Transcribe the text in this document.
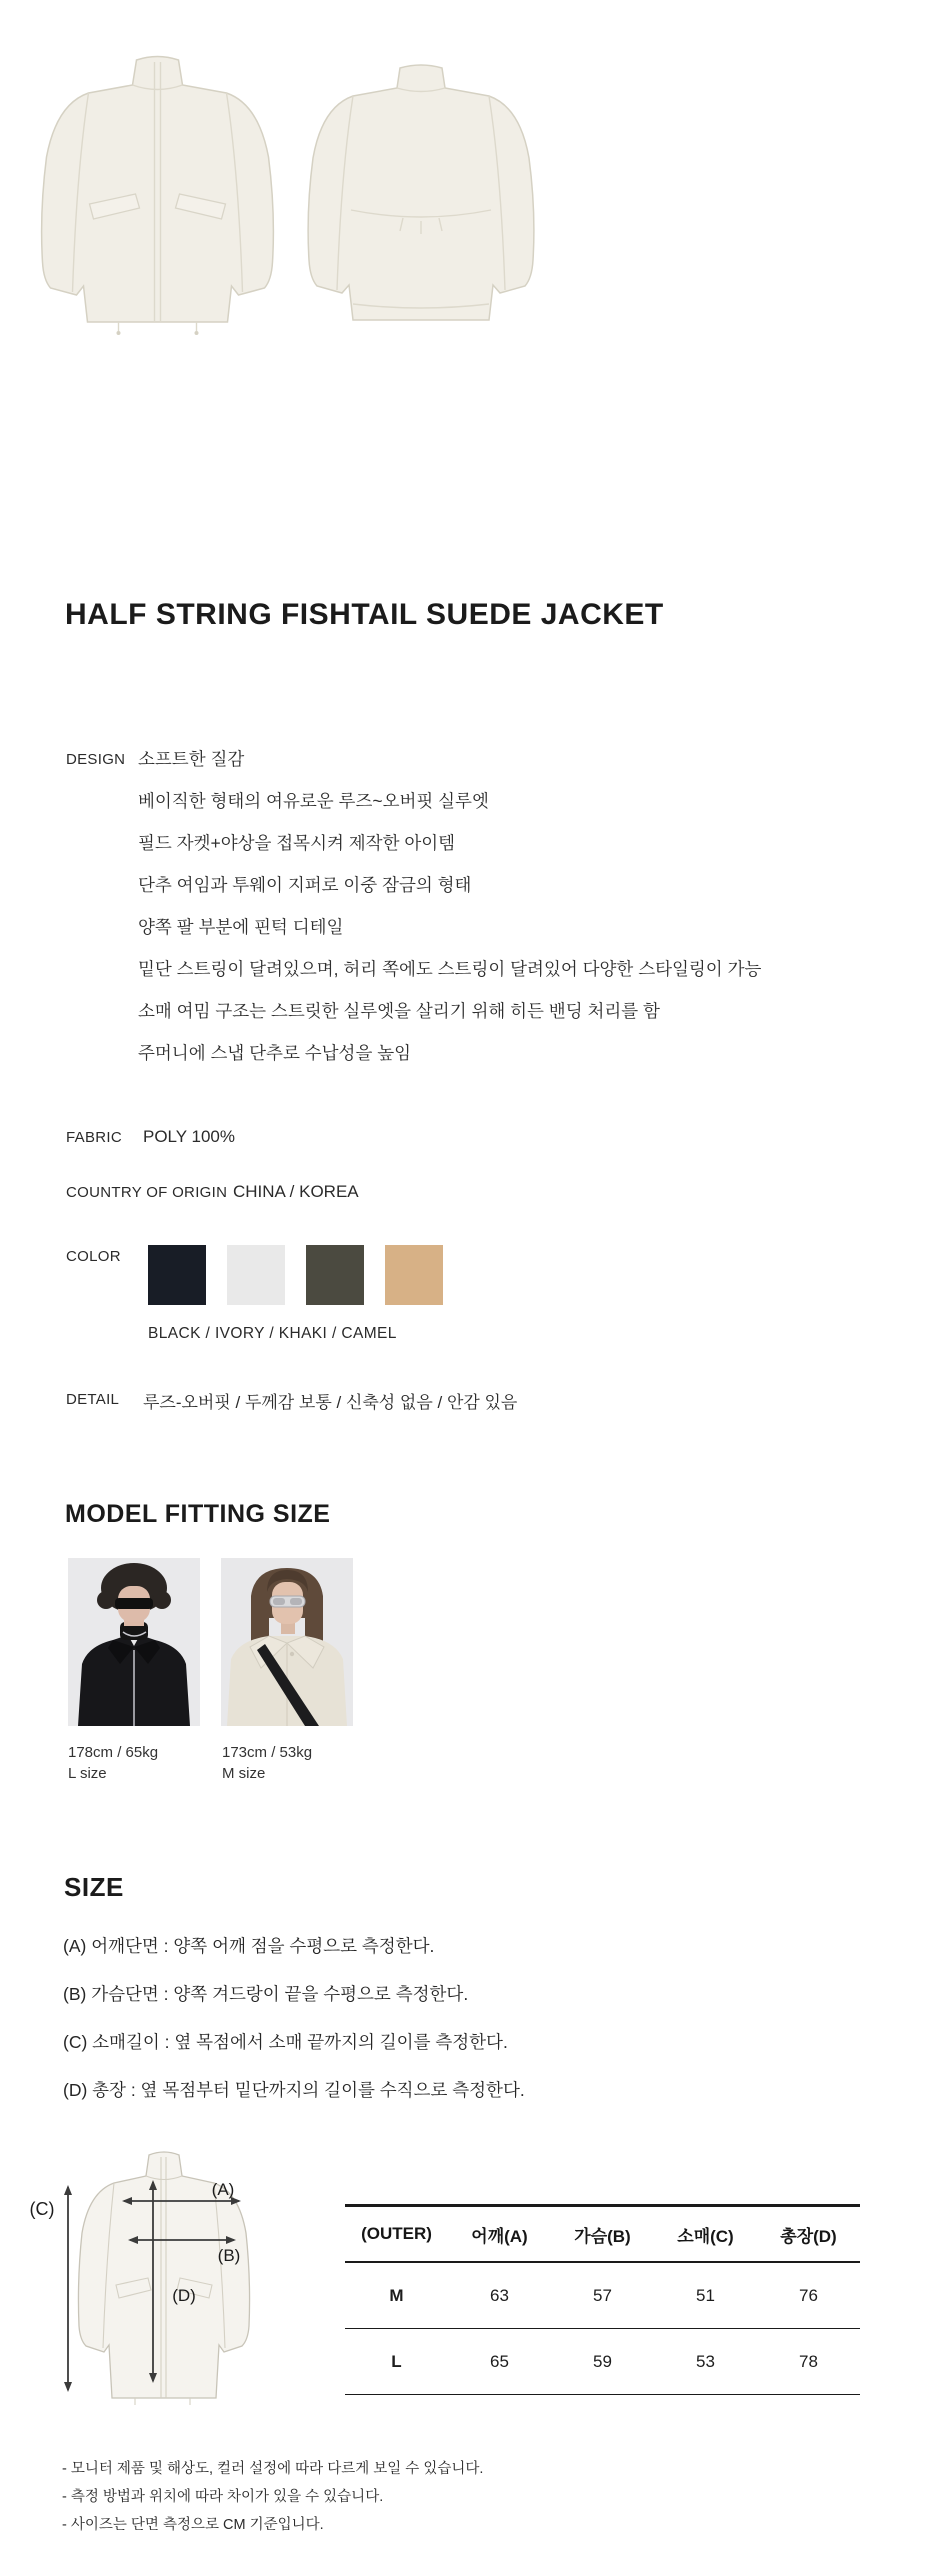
HALF STRING FISHTAIL SUEDE JACKET
DESIGN 소프트한 질감
베이직한 형태의 여유로운 루즈~오버핏 실루엣
필드 자켓+야상을 접목시켜 제작한 아이템
단추 여임과 투웨이 지퍼로 이중 잠금의 형태
양쪽 팔 부분에 핀턱 디테일
밑단 스트링이 달려있으며, 허리 쪽에도 스트링이 달려있어 다양한 스타일링이 가능
소매 여밈 구조는 스트릿한 실루엣을 살리기 위해 히든 밴딩 처리를 함
주머니에 스냅 단추로 수납성을 높임
FABRIC POLY 100%
COUNTRY OF ORIGIN CHINA / KOREA
COLOR
BLACK / IVORY / KHAKI / CAMEL
DETAIL 루즈-오버핏 / 두께감 보통 / 신축성 없음 / 안감 있음
MODEL FITTING SIZE
178cm / 65kg
L size
173cm / 53kg
M size
SIZE
(A) 어깨단면 : 양쪽 어깨 점을 수평으로 측정한다.
(B) 가슴단면 : 양쪽 겨드랑이 끝을 수평으로 측정한다.
(C) 소매길이 : 옆 목점에서 소매 끝까지의 길이를 측정한다.
(D) 총장 : 옆 목점부터 밑단까지의 길이를 수직으로 측정한다.
(A)
(B)
(C)
(D)
(OUTER)	어깨(A)	가슴(B)	소매(C)	총장(D)
M	63	57	51	76
L	65	59	53	78
- 모니터 제품 및 해상도, 컬러 설정에 따라 다르게 보일 수 있습니다.
- 측정 방법과 위치에 따라 차이가 있을 수 있습니다.
- 사이즈는 단면 측정으로 CM 기준입니다.
